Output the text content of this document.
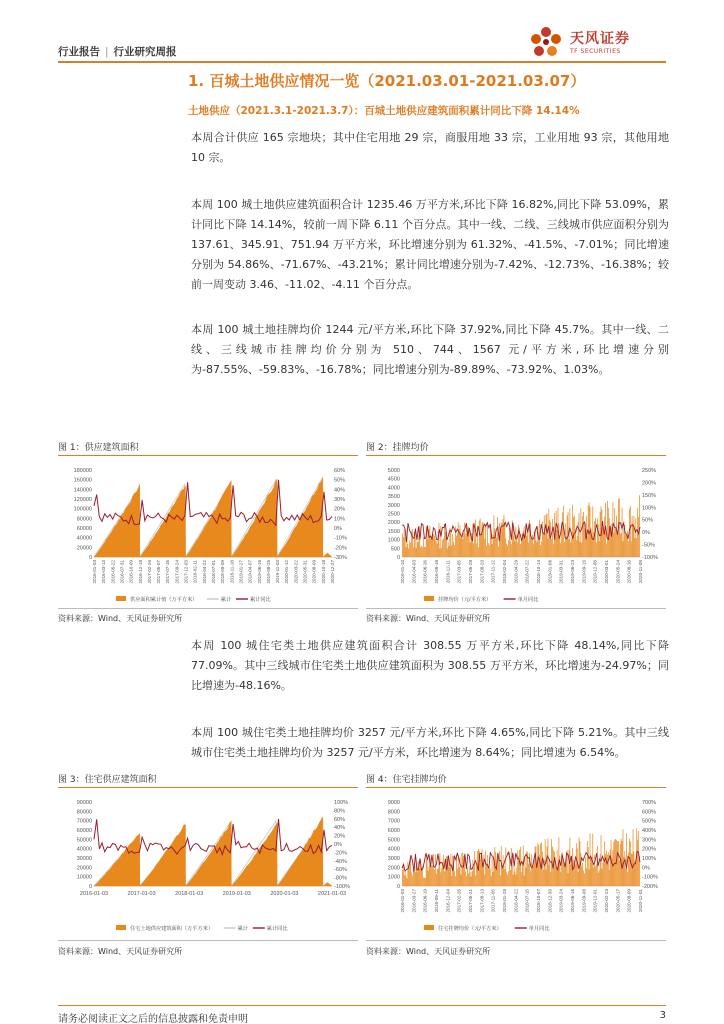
行业报告 | 行业研究周报
天风证券
TF SECURITIES
1. 百城土地供应情况一览（2021.03.01-2021.03.07）
土地供应（2021.3.1-2021.3.7）：百城土地供应建筑面积累计同比下降 14.14%
本周合计供应 165 宗地块；其中住宅用地 29 宗，商服用地 33 宗，工业用地 93 宗，其他用地 10 宗。
本周 100 城土地供应建筑面积合计 1235.46 万平方米,环比下降 16.82%,同比下降 53.09%，累计同比下降 14.14%，较前一周下降 6.11 个百分点。其中一线、二线、三线城市供应面积分别为 137.61、345.91、751.94 万平方米，环比增速分别为 61.32%、-41.5%、-7.01%；同比增速分别为 54.86%、-71.67%、-43.21%；累计同比增速分别为-7.42%、-12.73%、-16.38%；较前一周变动 3.46、-11.02、-4.11 个百分点。
本周 100 城土地挂牌均价 1244 元/平方米,环比下降 37.92%,同比下降 45.7%。其中一线、二线、三线城市挂牌均价分别为 510、744、1567 元/平方米,环比增速分别为-87.55%、-59.83%、-16.78%；同比增速分别为-89.89%、-73.92%、1.03%。
图 1：供应建筑面积
0
20000
40000
60000
80000
100000
120000
140000
160000
180000
-30%
-20%
-10%
0%
10%
20%
30%
40%
50%
60%
2016-01-03 2016-03-13 2016-05-22 2016-07-31 2016-10-09 2016-12-18 2017-02-26 2017-05-07 2017-07-16 2017-09-24 2017-12-03 2018-02-11 2018-04-22 2018-07-01 2018-09-09 2018-11-18 2019-01-27 2019-04-07 2019-06-16 2019-08-25 2019-11-03 2020-01-12 2020-03-22 2020-05-31 2020-08-09 2020-10-18 2020-12-27
供应面积累计值（万平方米）	累计	累计同比
资料来源：Wind、天风证券研究所
图 2：挂牌均价
0
500
1000
1500
2000
2500
3000
3500
4000
4500
5000
-100%
-50%
0%
50%
100%
150%
200%
250%
2016-01-10 2016-04-03 2016-06-26 2016-09-18 2016-12-11 2017-03-05 2017-05-28 2017-08-20 2017-11-12 2018-02-04 2018-04-29 2018-07-22 2018-10-14 2019-01-06 2019-03-31 2019-06-23 2019-09-15 2019-12-08 2020-03-01 2020-05-24 2020-08-16 2020-11-08
挂牌均价（元/平方米）	单月同比
资料来源：Wind、天风证券研究所
本周 100 城住宅类土地供应建筑面积合计 308.55 万平方米,环比下降 48.14%,同比下降 77.09%。其中三线城市住宅类土地供应建筑面积为 308.55 万平方米，环比增速为-24.97%；同比增速为-48.16%。
本周 100 城住宅类土地挂牌均价 3257 元/平方米,环比下降 4.65%,同比下降 5.21%。其中三线城市住宅类土地挂牌均价为 3257 元/平方米，环比增速为 8.64%；同比增速为 6.54%。
图 3：住宅供应建筑面积
0
10000
20000
30000
40000
50000
60000
70000
80000
90000
-100%
-80%
-60%
-40%
-20%
0%
20%
40%
60%
80%
100%
2016-01-03	2017-01-03	2018-01-03	2019-01-03	2020-01-03	2021-01-03
住宅土地供应建筑面积（万平方米）	累计	累计同比
资料来源：Wind、天风证券研究所
图 4：住宅挂牌均价
0
1000
2000
3000
4000
5000
6000
7000
8000
9000
-200%
-100%
0%
100%
200%
300%
400%
500%
600%
700%
2016-01-03 2016-03-27 2016-06-19 2016-09-11 2016-12-04 2017-02-26 2017-05-21 2017-08-13 2017-11-05 2018-01-28 2018-04-22 2018-07-15 2018-10-07 2018-12-30 2019-03-24 2019-06-16 2019-09-08 2019-12-01 2020-02-23 2020-05-17 2020-08-09 2020-11-01
住宅挂牌均价（元/平方米）	单月同比
资料来源：Wind、天风证券研究所
请务必阅读正文之后的信息披露和免责申明	3
